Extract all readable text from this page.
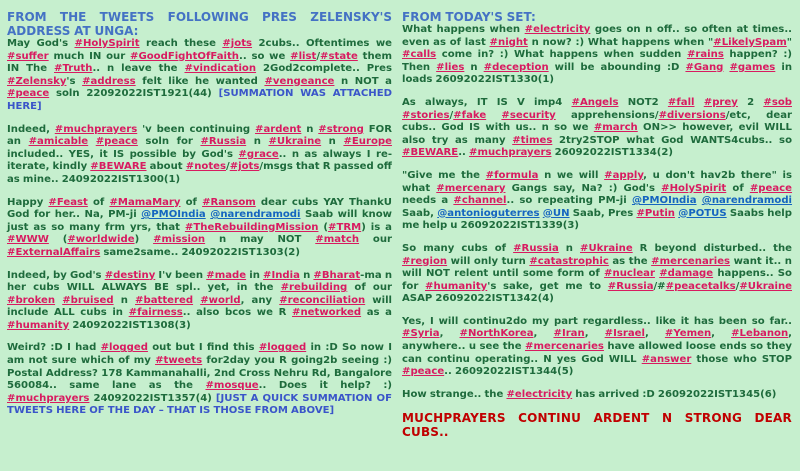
FROM THE TWEETS FOLLOWING PRES ZELENSKY'S ADDRESS AT UNGA:

May God's #HolySpirit reach these #jots 2cubs.. Oftentimes we #suffer much IN our #GoodFightOfFaith.. so we #list/#state them IN The #Truth.. n leave the #vindication 2God2complete.. Pres #Zelensky's #address felt like he wanted #vengeance n NOT a #peace soln 22092022IST1921(44) [SUMMATION WAS ATTACHED HERE]

Indeed, #muchprayers 'v been continuing #ardent n #strong FOR an #amicable #peace soln for #Russia n #Ukraine n #Europe included.. YES, it IS possible by God's #grace.. n as always I re-iterate, kindly #BEWARE about #notes/#jots/msgs that R passed off as mine.. 24092022IST1300(1)

Happy #Feast of #MamaMary of #Ransom dear cubs YAY ThankU God for her.. Na, PM-ji @PMOIndia @narendramodi Saab will know just as so many frm yrs, that #TheRebuildingMission (#TRM) is a #WWW (#worldwide) #mission n may NOT #match our #ExternalAffairs same2same.. 24092022IST1303(2)

Indeed, by God's #destiny I'v been #made in #India n #Bharat-ma n her cubs WILL ALWAYS BE spl.. yet, in the #rebuilding of our #broken #bruised n #battered #world, any #reconciliation will include ALL cubs in #fairness.. also bcos we R #networked as a #humanity 24092022IST1308(3)

Weird? :D I had #logged out but I find this #logged in :D So now I am not sure which of my #tweets for2day you R going2b seeing :) Postal Address? 178 Kammanahalli, 2nd Cross Nehru Rd, Bangalore 560084.. same lane as the #mosque.. Does it help? :) #muchprayers 24092022IST1357(4) [JUST A QUICK SUMMATION OF TWEETS HERE OF THE DAY – THAT IS THOSE FROM ABOVE]

FROM TODAY'S SET:

What happens when #electricity goes on n off.. so often at times.. even as of last #night n now? :) What happens when "#LikelySpam" #calls come in? :) What happens when sudden #rains happen? :) Then #lies n #deception will be abounding :D #Gang #games in loads 26092022IST1330(1)

As always, IT IS V imp4 #Angels NOT2 #fall #prey 2 #sob #stories/#fake #security apprehensions/#diversions/etc, dear cubs.. God IS with us.. n so we #march ON>> however, evil WILL also try as many #times 2try2STOP what God WANTS4cubs.. so #BEWARE.. #muchprayers 26092022IST1334(2)

"Give me the #formula n we will #apply, u don't hav2b there" is what #mercenary Gangs say, Na? :) God's #HolySpirit of #peace needs a #channel.. so repeating PM-ji @PMOIndia @narendramodi Saab, @antonioguterres @UN Saab, Pres #Putin @POTUS Saabs help me help u 26092022IST1339(3)

So many cubs of #Russia n #Ukraine R beyond disturbed.. the #region will only turn #catastrophic as the #mercenaries want it.. n will NOT relent until some form of #nuclear #damage happens.. So for #humanity's sake, get me to #Russia/##peacetalks/#Ukraine ASAP 26092022IST1342(4)

Yes, I will continu2do my part regardless.. like it has been so far.. #Syria, #NorthKorea, #Iran, #Israel, #Yemen, #Lebanon, anywhere.. u see the #mercenaries have allowed loose ends so they can continu operating.. N yes God WILL #answer those who STOP #peace.. 26092022IST1344(5)

How strange.. the #electricity has arrived :D 26092022IST1345(6)

MUCHPRAYERS CONTINU ARDENT N STRONG DEAR CUBS..
